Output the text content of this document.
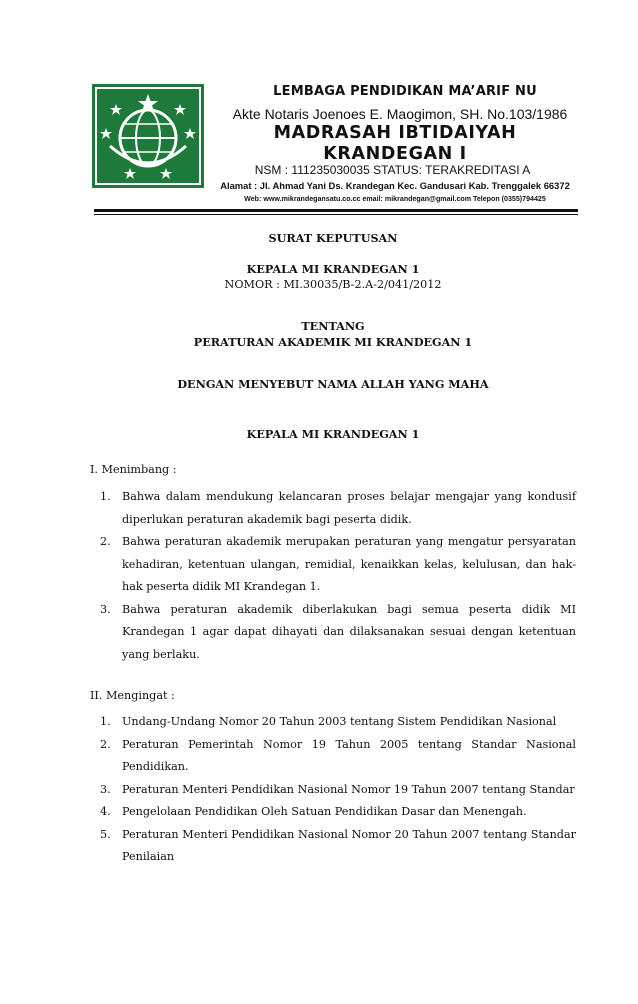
LEMBAGA PENDIDIKAN MA’ARIF NU
Akte Notaris Joenoes E. Maogimon, SH. No.103/1986
MADRASAH IBTIDAIYAH KRANDEGAN I
NSM : 111235030035 STATUS: TERAKREDITASI A
Alamat : Jl. Ahmad Yani Ds. Krandegan Kec. Gandusari Kab. Trenggalek 66372
Web: www.mikrandegansatu.co.cc email: mikrandegan@gmail.com Telepon (0355)794425
SURAT KEPUTUSAN
KEPALA MI KRANDEGAN 1
NOMOR : MI.30035/B-2.A-2/041/2012
TENTANG
PERATURAN AKADEMIK MI KRANDEGAN 1
DENGAN MENYEBUT NAMA ALLAH YANG MAHA
KEPALA MI KRANDEGAN 1
I. Menimbang :
1. Bahwa dalam mendukung kelancaran proses belajar mengajar yang kondusif diperlukan peraturan akademik bagi peserta didik.
2. Bahwa peraturan akademik merupakan peraturan yang mengatur persyaratan kehadiran, ketentuan ulangan, remidial, kenaikkan kelas, kelulusan, dan hak-hak peserta didik MI Krandegan 1.
3. Bahwa peraturan akademik diberlakukan bagi semua peserta didik MI Krandegan 1 agar dapat dihayati dan dilaksanakan sesuai dengan ketentuan yang berlaku.
II. Mengingat :
1. Undang-Undang Nomor 20 Tahun 2003 tentang Sistem Pendidikan Nasional
2. Peraturan Pemerintah Nomor 19 Tahun 2005 tentang Standar Nasional Pendidikan.
3. Peraturan Menteri Pendidikan Nasional Nomor 19 Tahun 2007 tentang Standar
4. Pengelolaan Pendidikan Oleh Satuan Pendidikan Dasar dan Menengah.
5. Peraturan Menteri Pendidikan Nasional Nomor 20 Tahun 2007 tentang Standar Penilaian
